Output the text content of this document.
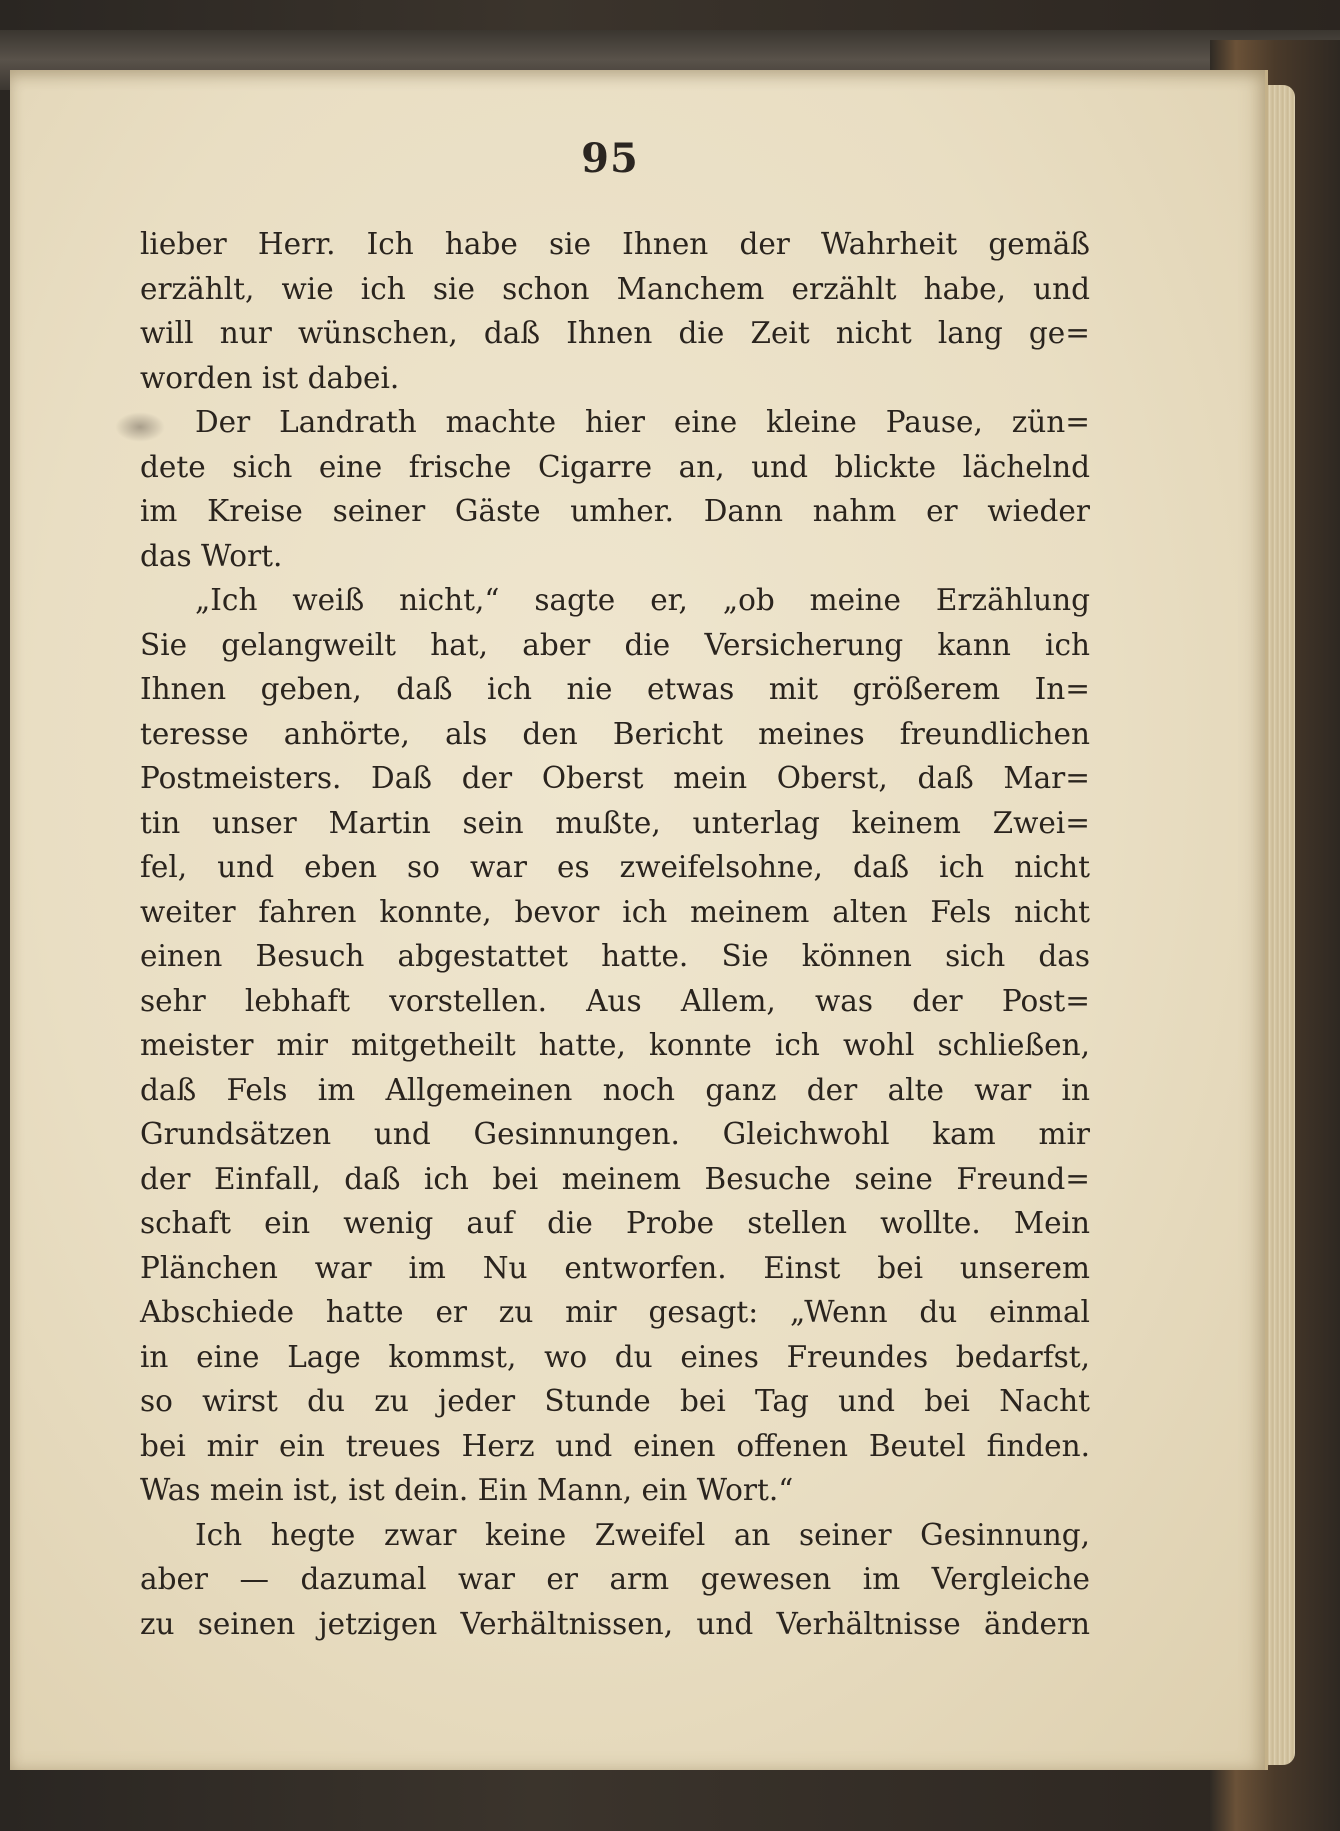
95
lieber Herr. Ich habe sie Ihnen der Wahrheit gemäß
erzählt, wie ich sie schon Manchem erzählt habe, und
will nur wünschen, daß Ihnen die Zeit nicht lang ge=
worden ist dabei.
Der Landrath machte hier eine kleine Pause, zün=
dete sich eine frische Cigarre an, und blickte lächelnd
im Kreise seiner Gäste umher. Dann nahm er wieder
das Wort.
„Ich weiß nicht,“ sagte er, „ob meine Erzählung
Sie gelangweilt hat, aber die Versicherung kann ich
Ihnen geben, daß ich nie etwas mit größerem In=
teresse anhörte, als den Bericht meines freundlichen
Postmeisters. Daß der Oberst mein Oberst, daß Mar=
tin unser Martin sein mußte, unterlag keinem Zwei=
fel, und eben so war es zweifelsohne, daß ich nicht
weiter fahren konnte, bevor ich meinem alten Fels nicht
einen Besuch abgestattet hatte. Sie können sich das
sehr lebhaft vorstellen. Aus Allem, was der Post=
meister mir mitgetheilt hatte, konnte ich wohl schließen,
daß Fels im Allgemeinen noch ganz der alte war in
Grundsätzen und Gesinnungen. Gleichwohl kam mir
der Einfall, daß ich bei meinem Besuche seine Freund=
schaft ein wenig auf die Probe stellen wollte. Mein
Plänchen war im Nu entworfen. Einst bei unserem
Abschiede hatte er zu mir gesagt: „Wenn du einmal
in eine Lage kommst, wo du eines Freundes bedarfst,
so wirst du zu jeder Stunde bei Tag und bei Nacht
bei mir ein treues Herz und einen offenen Beutel finden.
Was mein ist, ist dein. Ein Mann, ein Wort.“
Ich hegte zwar keine Zweifel an seiner Gesinnung,
aber — dazumal war er arm gewesen im Vergleiche
zu seinen jetzigen Verhältnissen, und Verhältnisse ändern
